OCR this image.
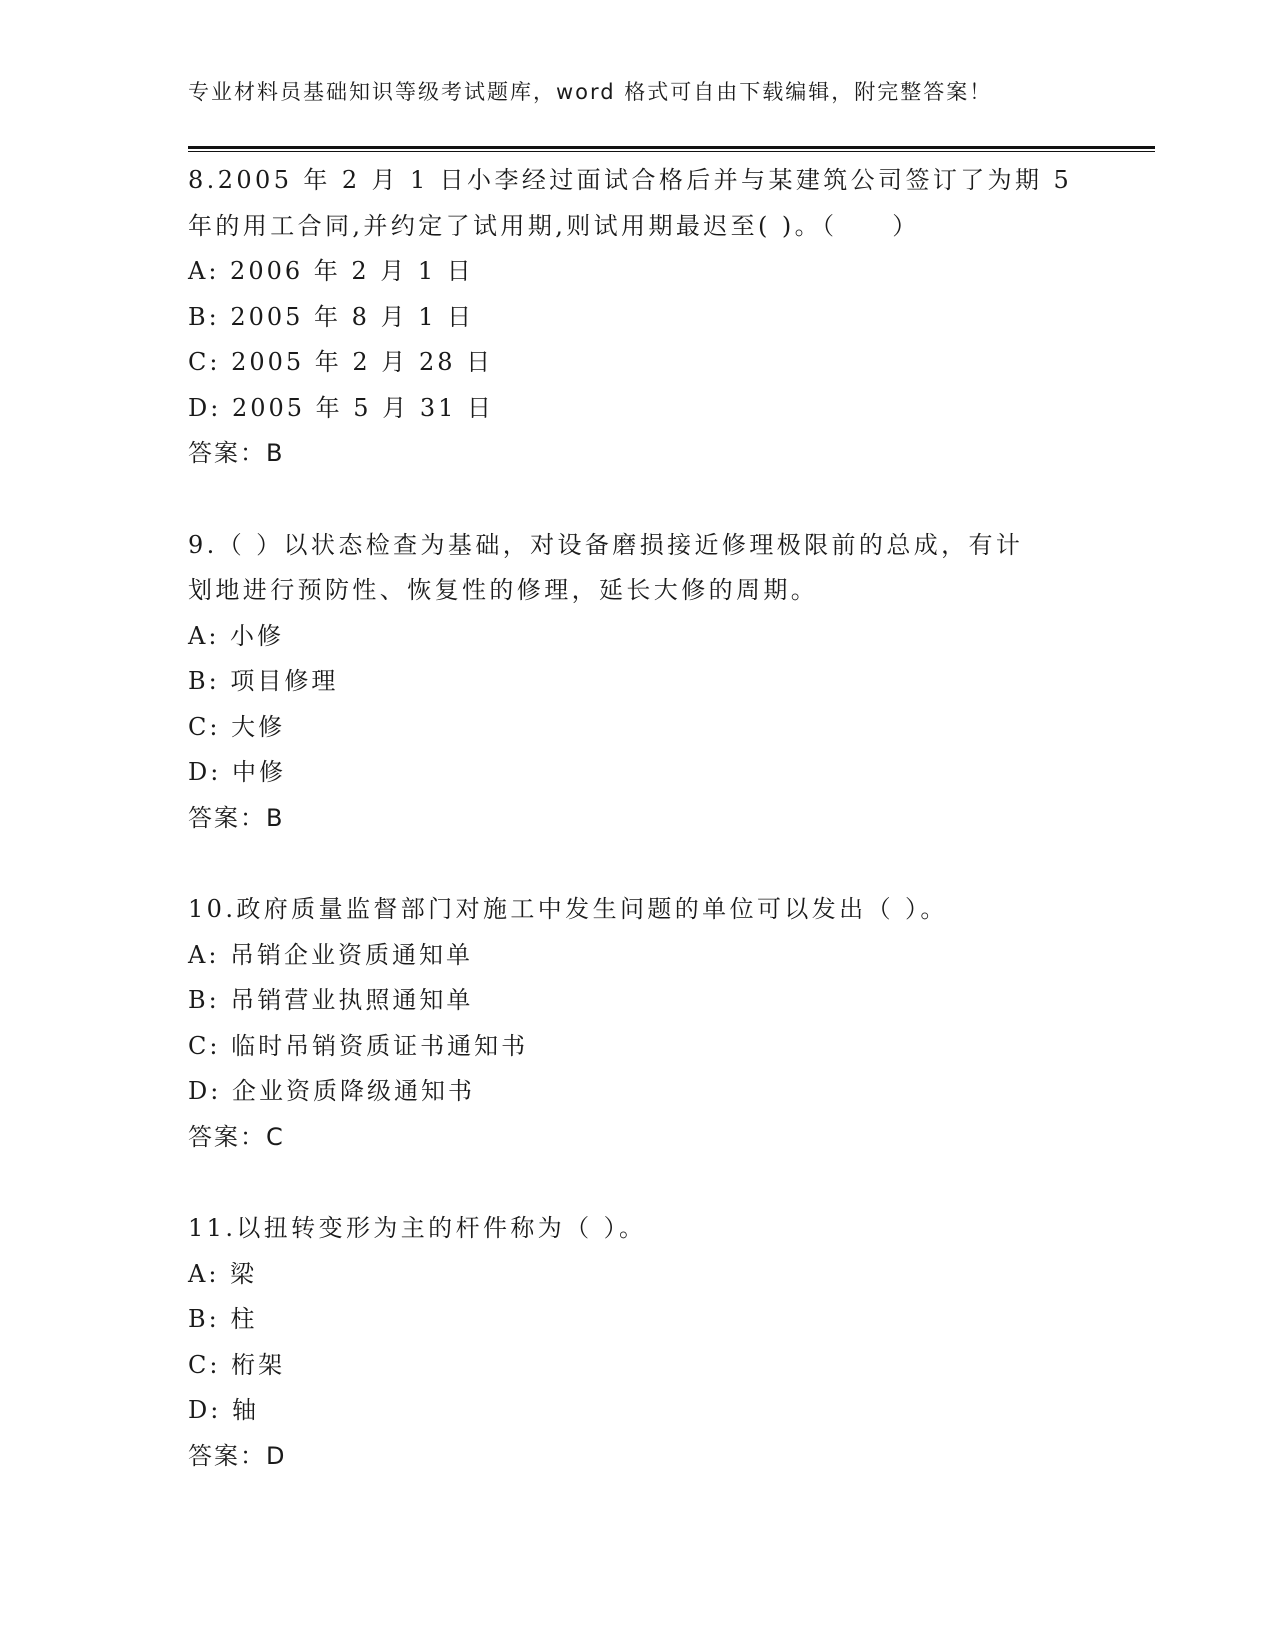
专业材料员基础知识等级考试题库，word 格式可自由下载编辑，附完整答案！
8.2005 年 2 月 1 日小李经过面试合格后并与某建筑公司签订了为期 5
年的用工合同,并约定了试用期,则试用期最迟至( )。（　　）
A: 2006 年 2 月 1 日
B: 2005 年 8 月 1 日
C: 2005 年 2 月 28 日
D: 2005 年 5 月 31 日
答案：B
9.（ ）以状态检查为基础，对设备磨损接近修理极限前的总成，有计
划地进行预防性、恢复性的修理，延长大修的周期。
A: 小修
B: 项目修理
C: 大修
D: 中修
答案：B
10.政府质量监督部门对施工中发生问题的单位可以发出（ ）。
A: 吊销企业资质通知单
B: 吊销营业执照通知单
C: 临时吊销资质证书通知书
D: 企业资质降级通知书
答案：C
11.以扭转变形为主的杆件称为（ ）。
A: 梁
B: 柱
C: 桁架
D: 轴
答案：D
